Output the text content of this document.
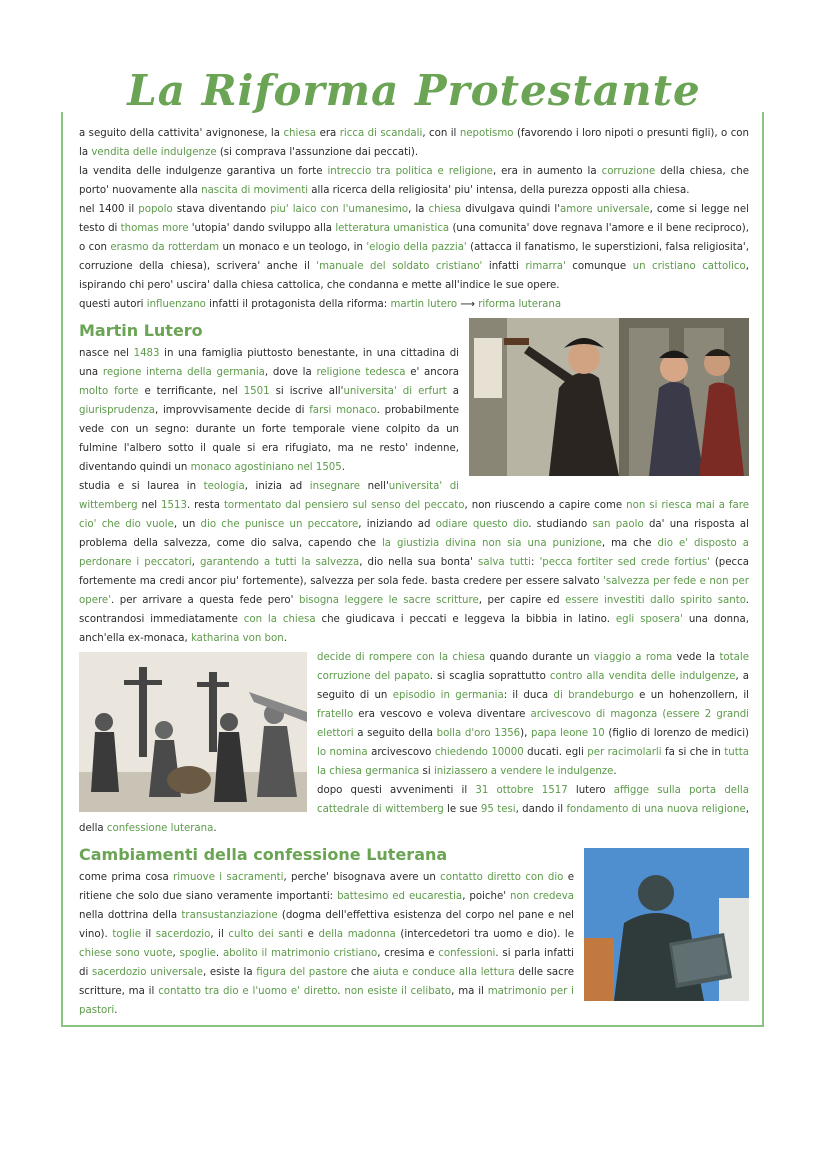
La Riforma Protestante

a seguito della cattivita' avignonese, la chiesa era ricca di scandali, con il nepotismo (favorendo i loro nipoti o presunti figli), o con la vendita delle indulgenze (si comprava l'assunzione dai peccati).

la vendita delle indulgenze garantiva un forte intreccio tra politica e religione, era in aumento la corruzione della chiesa, che porto' nuovamente alla nascita di movimenti alla ricerca della religiosita' piu' intensa, della purezza opposti alla chiesa.

nel 1400 il popolo stava diventando piu' laico con l'umanesimo, la chiesa divulgava quindi l'amore universale, come si legge nel testo di thomas more 'utopia' dando sviluppo alla letteratura umanistica (una comunita' dove regnava l'amore e il bene reciproco), o con erasmo da rotterdam un monaco e un teologo, in 'elogio della pazzia' (attacca il fanatismo, le superstizioni, falsa religiosita', corruzione della chiesa), scrivera' anche il 'manuale del soldato cristiano' infatti rimarra' comunque un cristiano cattolico, ispirando chi pero' uscira' dalla chiesa cattolica, che condanna e mette all'indice le sue opere.

questi autori influenzano infatti il protagonista della riforma: martin lutero ⟶ riforma luterana

Martin Lutero

nasce nel 1483 in una famiglia piuttosto benestante, in una cittadina di una regione interna della germania, dove la religione tedesca e' ancora molto forte e terrificante, nel 1501 si iscrive all'universita' di erfurt a giurisprudenza, improvvisamente decide di farsi monaco. probabilmente vede con un segno: durante un forte temporale viene colpito da un fulmine l'albero sotto il quale si era rifugiato, ma ne resto' indenne, diventando quindi un monaco agostiniano nel 1505.

studia e si laurea in teologia, inizia ad insegnare nell'universita' di wittemberg nel 1513. resta tormentato dal pensiero sul senso del peccato, non riuscendo a capire come non si riesca mai a fare cio' che dio vuole, un dio che punisce un peccatore, iniziando ad odiare questo dio. studiando san paolo da' una risposta al problema della salvezza, come dio salva, capendo che la giustizia divina non sia una punizione, ma che dio e' disposto a perdonare i peccatori, garantendo a tutti la salvezza, dio nella sua bonta' salva tutti: 'pecca fortiter sed crede fortius' (pecca fortemente ma credi ancor piu' fortemente), salvezza per sola fede. basta credere per essere salvato 'salvezza per fede e non per opere'. per arrivare a questa fede pero' bisogna leggere le sacre scritture, per capire ed essere investiti dallo spirito santo. scontrandosi immediatamente con la chiesa che giudicava i peccati e leggeva la bibbia in latino. egli sposera' una donna, anch'ella ex-monaca, katharina von bon.

decide di rompere con la chiesa quando durante un viaggio a roma vede la totale corruzione del papato. si scaglia soprattutto contro alla vendita delle indulgenze, a seguito di un episodio in germania: il duca di brandeburgo e un hohenzollern, il fratello era vescovo e voleva diventare arcivescovo di magonza (essere 2 grandi elettori a seguito della bolla d'oro 1356), papa leone 10 (figlio di lorenzo de medici) lo nomina arcivescovo chiedendo 10000 ducati. egli per racimolarli fa si che in tutta la chiesa germanica si iniziassero a vendere le indulgenze.

dopo questi avvenimenti il 31 ottobre 1517 lutero affigge sulla porta della cattedrale di wittemberg le sue 95 tesi, dando il fondamento di una nuova religione, della confessione luterana.

Cambiamenti della confessione Luterana

come prima cosa rimuove i sacramenti, perche' bisognava avere un contatto diretto con dio e ritiene che solo due siano veramente importanti: battesimo ed eucarestia, poiche' non credeva nella dottrina della transustanziazione (dogma dell'effettiva esistenza del corpo nel pane e nel vino). toglie il sacerdozio, il culto dei santi e della madonna (intercedetori tra uomo e dio). le chiese sono vuote, spoglie. abolito il matrimonio cristiano, cresima e confessioni. si parla infatti di sacerdozio universale, esiste la figura del pastore che aiuta e conduce alla lettura delle sacre scritture, ma il contatto tra dio e l'uomo e' diretto. non esiste il celibato, ma il matrimonio per i pastori.
